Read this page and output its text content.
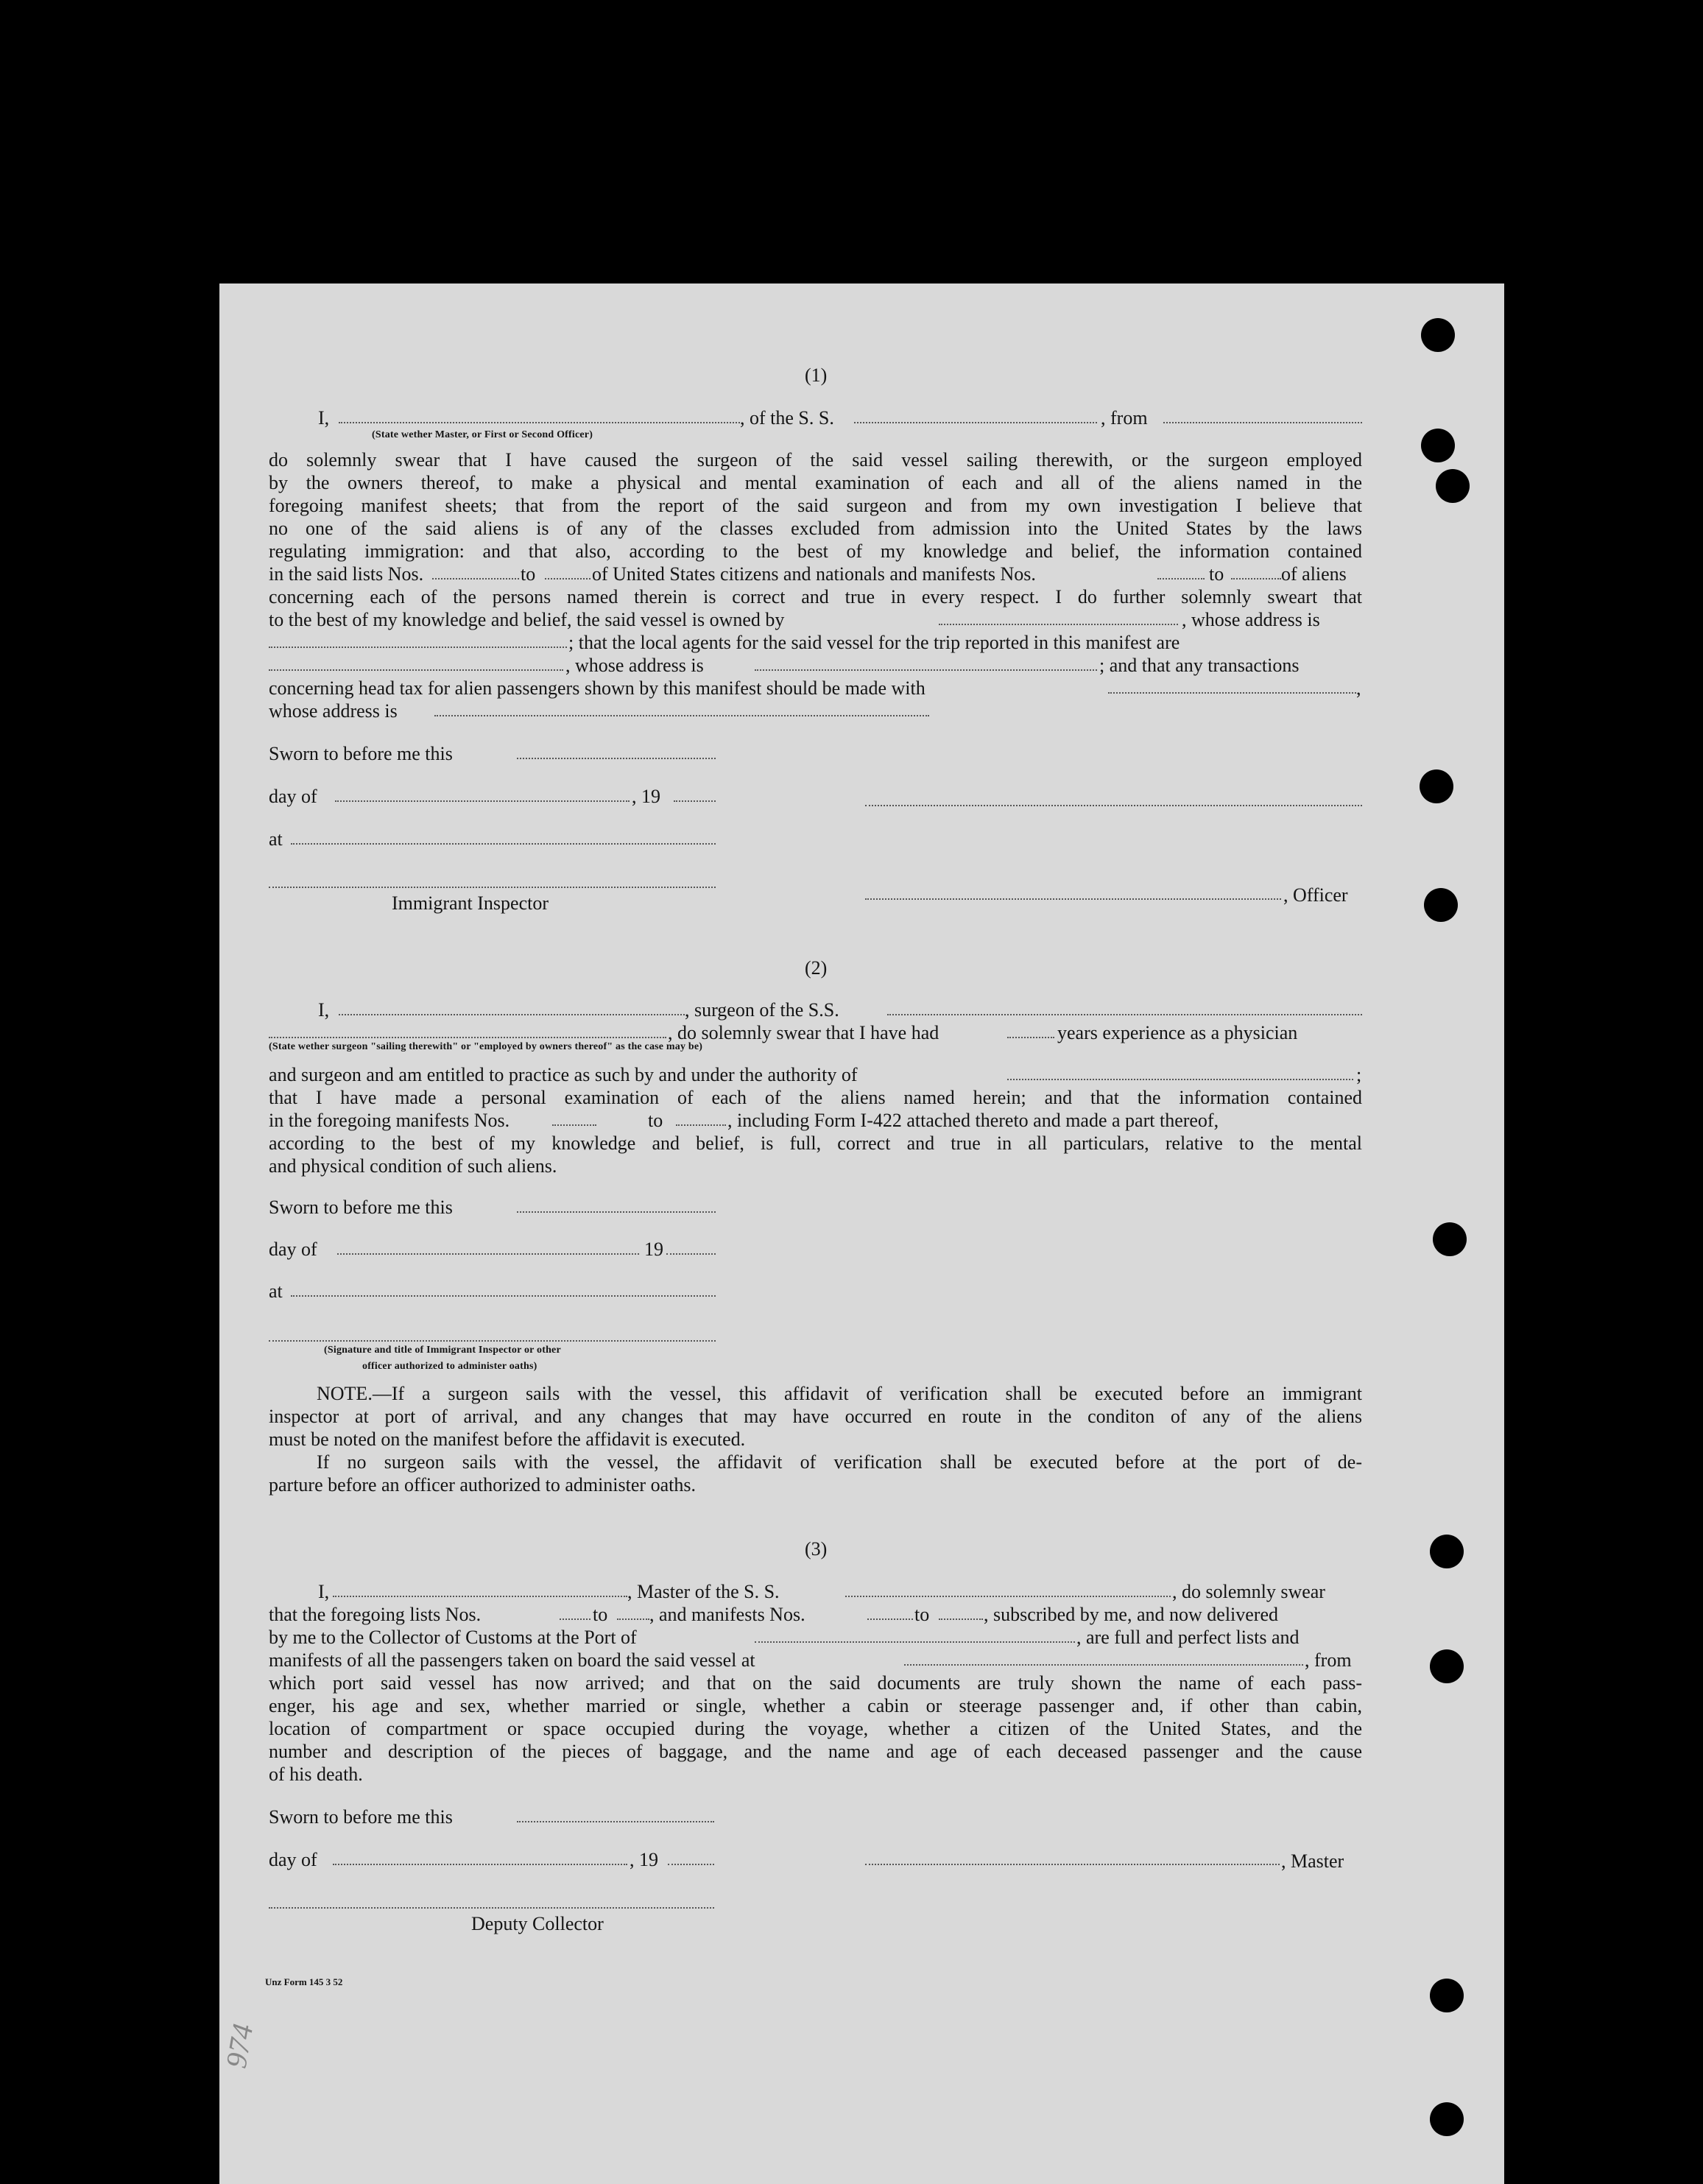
(1)
I,	, of the S. S.	, from
(State wether Master, or First or Second Officer)
do solemnly swear that I have caused the surgeon of the said vessel sailing therewith, or the surgeon employed
by the owners thereof, to make a physical and mental examination of each and all of the aliens named in the
foregoing manifest sheets; that from the report of the said surgeon and from my own investigation I believe that
no one of the said aliens is of any of the classes excluded from admission into the United States by the laws
regulating immigration: and that also, according to the best of my knowledge and belief, the information contained
in the said lists Nos.	to	of United States citizens and nationals and manifests Nos.	to	of aliens
concerning each of the persons named therein is correct and true in every respect. I do further solemnly sweart that
to the best of my knowledge and belief, the said vessel is owned by	, whose address is
; that the local agents for the said vessel for the trip reported in this manifest are
, whose address is	; and that any transactions
concerning head tax for alien passengers shown by this manifest should be made with	,
whose address is
Sworn to before me this
day of	, 19
at
Immigrant Inspector	, Officer
(2)
I,	, surgeon of the S.S.
, do solemnly swear that I have had	years experience as a physician
(State wether surgeon "sailing therewith" or "employed by owners thereof" as the case may be)
and surgeon and am entitled to practice as such by and under the authority of	;
that I have made a personal examination of each of the aliens named herein; and that the information contained
in the foregoing manifests Nos.	to	, including Form I-422 attached thereto and made a part thereof,
according to the best of my knowledge and belief, is full, correct and true in all particulars, relative to the mental
and physical condition of such aliens.
Sworn to before me this
day of	19
at
(Signature and title of Immigrant Inspector or other
officer authorized to administer oaths)
NOTE.—If a surgeon sails with the vessel, this affidavit of verification shall be executed before an immigrant
inspector at port of arrival, and any changes that may have occurred en route in the conditon of any of the aliens
must be noted on the manifest before the affidavit is executed.
If no surgeon sails with the vessel, the affidavit of verification shall be executed before at the port of de-
parture before an officer authorized to administer oaths.
(3)
I,	, Master of the S. S.	, do solemnly swear
that the foregoing lists Nos.	to , and manifests Nos.	to	, subscribed by me, and now delivered
by me to the Collector of Customs at the Port of	, are full and perfect lists and
manifests of all the passengers taken on board the said vessel at	, from
which port said vessel has now arrived; and that on the said documents are truly shown the name of each pass-
enger, his age and sex, whether married or single, whether a cabin or steerage passenger and, if other than cabin,
location of compartment or space occupied during the voyage, whether a citizen of the United States, and the
number and description of the pieces of baggage, and the name and age of each deceased passenger and the cause
of his death.
Sworn to before me this
day of	, 19	, Master
Deputy Collector
Unz Form 145 3 52
974
